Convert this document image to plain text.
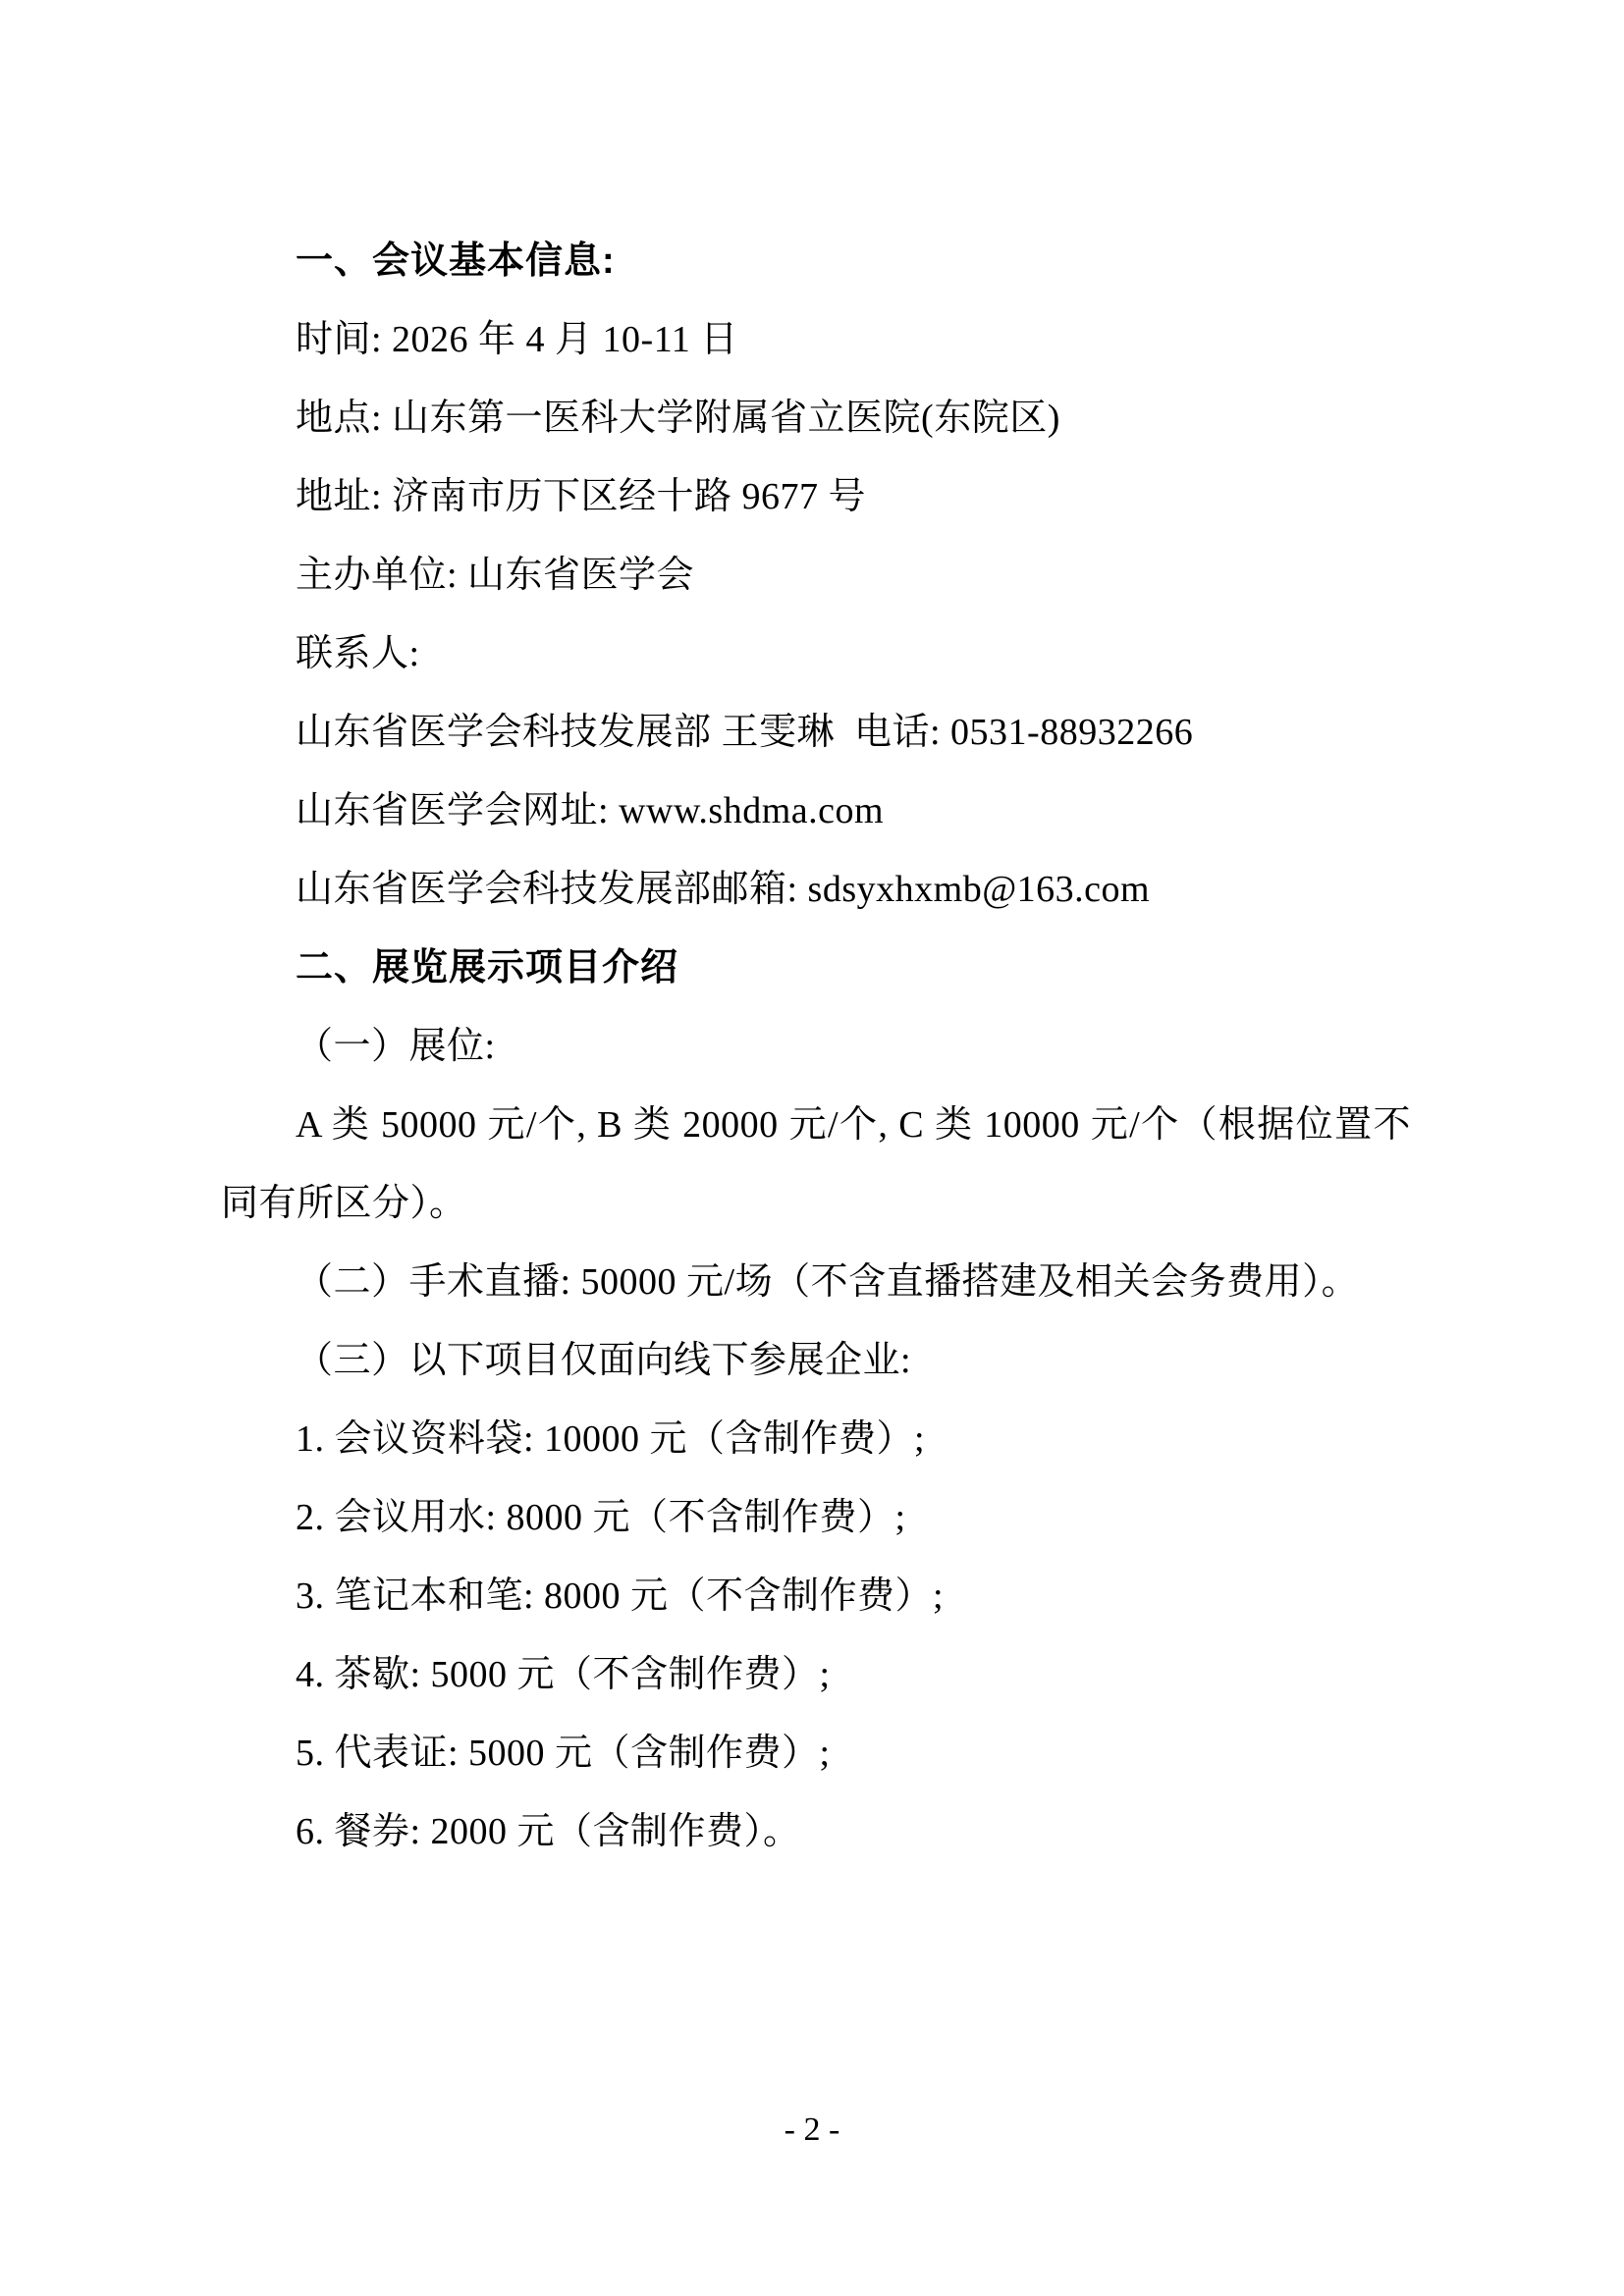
一、会议基本信息:

时间: 2026 年 4 月 10-11 日

地点: 山东第一医科大学附属省立医院(东院区)

地址: 济南市历下区经十路 9677 号

主办单位: 山东省医学会

联系人:

山东省医学会科技发展部 王雯琳  电话: 0531-88932266

山东省医学会网址: www.shdma.com

山东省医学会科技发展部邮箱: sdsyxhxmb@163.com

二、展览展示项目介绍

（一）展位:

A 类 50000 元/个, B 类 20000 元/个, C 类 10000 元/个（根据位置不同有所区分）。

（二）手术直播: 50000 元/场（不含直播搭建及相关会务费用）。

（三）以下项目仅面向线下参展企业:

1. 会议资料袋: 10000 元（含制作费）;

2. 会议用水: 8000 元（不含制作费）;

3. 笔记本和笔: 8000 元（不含制作费）;

4. 茶歇: 5000 元（不含制作费）;

5. 代表证: 5000 元（含制作费）;

6. 餐券: 2000 元（含制作费）。

- 2 -
